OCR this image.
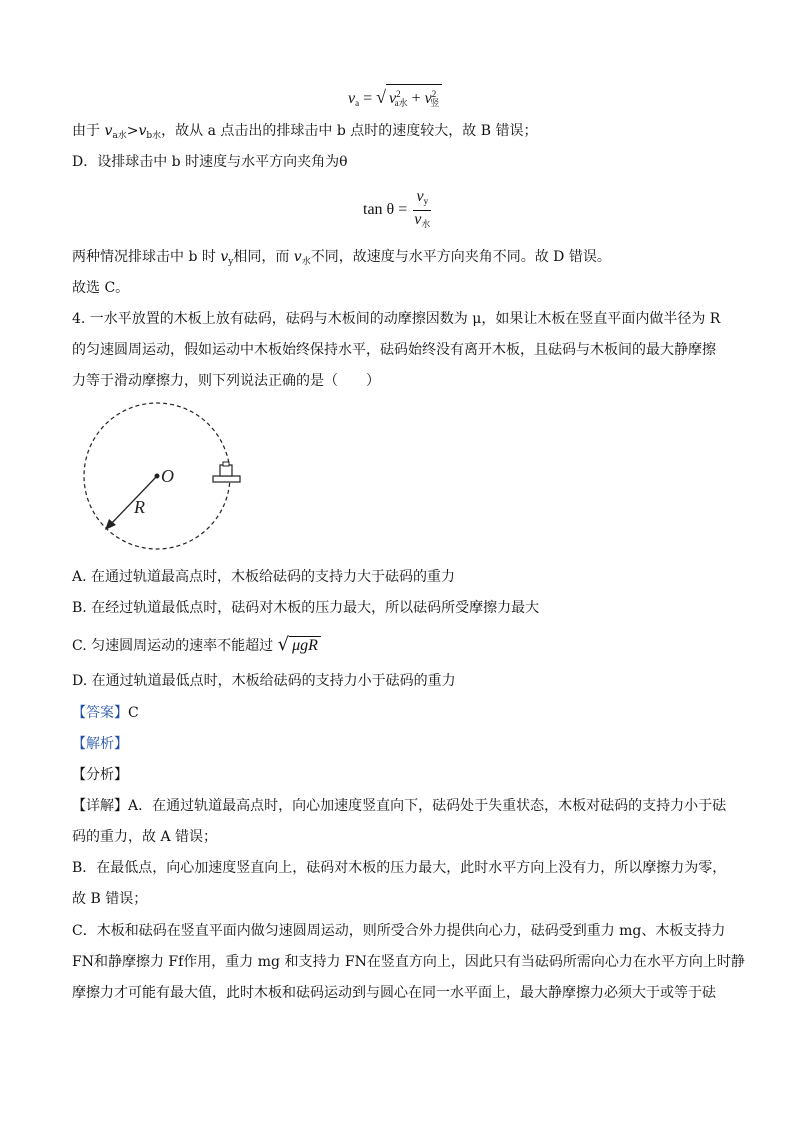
$v_a$ = √ $v^2_{a水} + v^2_竖$
由于 $v_{a水}>v_{b水}$，故从 a 点击出的排球击中 b 点时的速度较大，故 B 错误；
D．设排球击中 b 时速度与水平方向夹角为θ
$\tan \theta = \frac{v_y}{v_水}$
两种情况排球击中 b 时 $v_y$相同，而 $v_水$不同，故速度与水平方向夹角不同。故 D 错误。
故选 C。
4. 一水平放置的木板上放有砝码，砝码与木板间的动摩擦因数为 μ，如果让木板在竖直平面内做半径为 R
的匀速圆周运动，假如运动中木板始终保持水平，砝码始终没有离开木板，且砝码与木板间的最大静摩擦
力等于滑动摩擦力，则下列说法正确的是（　　）
O
R
A. 在通过轨道最高点时，木板给砝码的支持力大于砝码的重力
B. 在经过轨道最低点时，砝码对木板的压力最大，所以砝码所受摩擦力最大
C. 匀速圆周运动的速率不能超过 √ μgR
D. 在通过轨道最低点时，木板给砝码的支持力小于砝码的重力
【答案】C
【解析】
【分析】
【详解】A．在通过轨道最高点时，向心加速度竖直向下，砝码处于失重状态，木板对砝码的支持力小于砝
码的重力，故 A 错误；
B．在最低点，向心加速度竖直向上，砝码对木板的压力最大，此时水平方向上没有力，所以摩擦力为零，
故 B 错误；
C．木板和砝码在竖直平面内做匀速圆周运动，则所受合外力提供向心力，砝码受到重力 mg、木板支持力
FN和静摩擦力 Ff作用，重力 mg 和支持力 FN在竖直方向上，因此只有当砝码所需向心力在水平方向上时静
摩擦力才可能有最大值，此时木板和砝码运动到与圆心在同一水平面上，最大静摩擦力必须大于或等于砝
